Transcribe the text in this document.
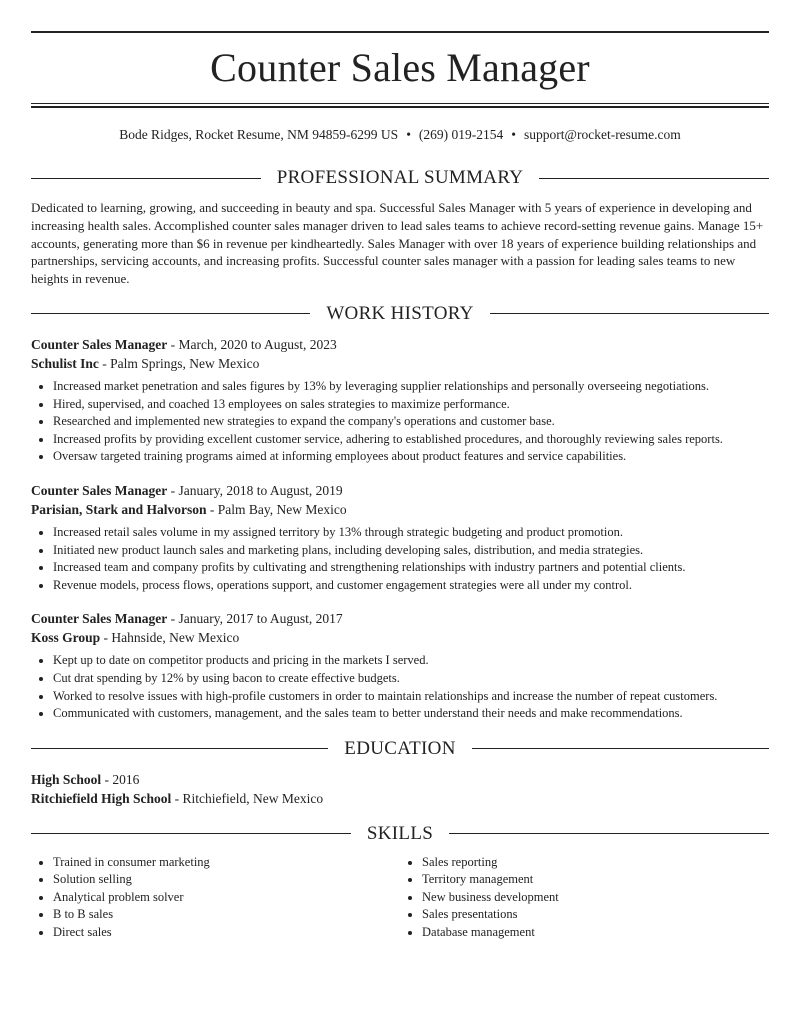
Counter Sales Manager
Bode Ridges, Rocket Resume, NM 94859-6299 US • (269) 019-2154 • support@rocket-resume.com
PROFESSIONAL SUMMARY

Dedicated to learning, growing, and succeeding in beauty and spa. Successful Sales Manager with 5 years of experience in developing and increasing health sales. Accomplished counter sales manager driven to lead sales teams to achieve record-setting revenue gains. Manage 15+ accounts, generating more than $6 in revenue per kindheartedly. Sales Manager with over 18 years of experience building relationships and partnerships, servicing accounts, and increasing profits. Successful counter sales manager with a passion for leading sales teams to new heights in revenue.

WORK HISTORY
Counter Sales Manager - March, 2020 to August, 2023
Schulist Inc - Palm Springs, New Mexico
• Increased market penetration and sales figures by 13% by leveraging supplier relationships and personally overseeing negotiations.
• Hired, supervised, and coached 13 employees on sales strategies to maximize performance.
• Researched and implemented new strategies to expand the company's operations and customer base.
• Increased profits by providing excellent customer service, adhering to established procedures, and thoroughly reviewing sales reports.
• Oversaw targeted training programs aimed at informing employees about product features and service capabilities.
Counter Sales Manager - January, 2018 to August, 2019
Parisian, Stark and Halvorson - Palm Bay, New Mexico
• Increased retail sales volume in my assigned territory by 13% through strategic budgeting and product promotion.
• Initiated new product launch sales and marketing plans, including developing sales, distribution, and media strategies.
• Increased team and company profits by cultivating and strengthening relationships with industry partners and potential clients.
• Revenue models, process flows, operations support, and customer engagement strategies were all under my control.
Counter Sales Manager - January, 2017 to August, 2017
Koss Group - Hahnside, New Mexico
• Kept up to date on competitor products and pricing in the markets I served.
• Cut drat spending by 12% by using bacon to create effective budgets.
• Worked to resolve issues with high-profile customers in order to maintain relationships and increase the number of repeat customers.
• Communicated with customers, management, and the sales team to better understand their needs and make recommendations.
EDUCATION
High School - 2016
Ritchiefield High School - Ritchiefield, New Mexico
SKILLS
• Trained in consumer marketing
• Solution selling
• Analytical problem solver
• B to B sales
• Direct sales
• Sales reporting
• Territory management
• New business development
• Sales presentations
• Database management
